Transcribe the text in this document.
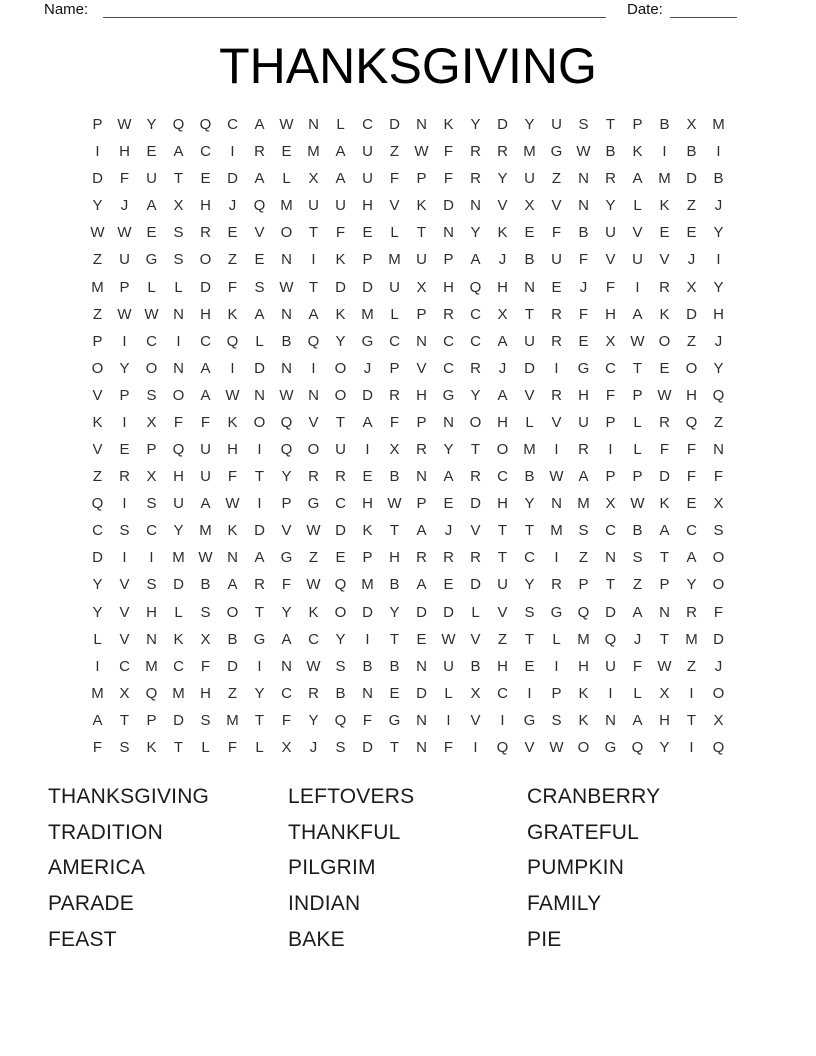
Name:	Date:
THANKSGIVING
P W Y	Q	Q	C	A W N	L	C	D	N	K	Y	D	Y	U	S	T	P	B	X	M
I	H	E	A	C	I	R	E	M	A	U	Z	W	F	R	R	M G W B	K	I	B	I
D	F	U	T	E	D	A	L	X	A	U	F	P	F	R	Y	U	Z	N	R	A	M	D	B
Y	J	A	X	H	J	Q M	U	U	H	V	K	D	N	V	X	V	N	Y	L	K	Z	J
W W E	S	R	E	V	O	T	F	E	L	T	N	Y	K	E	F	B	U	V	E	E	Y
Z	U	G	S	O	Z	E	N	I	K	P	M	U	P	A	J	B	U	F	V	U	V	J	I
M	P	L	L	D	F	S W	T	D	D	U	X	H	Q	H	N	E	J	F	I	R	X	Y
Z	W W N	H	K	A	N	A	K	M	L	P	R	C	X	T	R	F	H	A	K	D	H
P	I	C	I	C	Q	L	B	Q	Y	G	C	N	C	C	A	U	R	E	X W O	Z	J
O	Y	O	N	A	I	D	N	I	O	J	P	V	C	R	J	D	I	G	C	T	E	O	Y
V	P	S	O	A W N W N	O	D	R	H	G	Y	A	V	R	H	F	P W H	Q
K	I	X	F	F	K	O	Q	V	T	A	F	P	N	O	H	L	V	U	P	L	R	Q	Z
V	E	P	Q	U	H	I	Q	O	U	I	X	R	Y	T	O M	I	R	I	L	F	F	N
Z	R	X	H	U	F	T	Y	R	R	E	B	N	A	R	C	B W A	P	P	D	F	F
Q	I	S	U	A W	I	P	G	C	H W P	E	D	H	Y	N	M	X W K	E	X
C	S	C	Y	M	K	D	V W D	K	T	A	J	V	T	T	M	S	C	B	A	C	S
D	I	I	M W N	A	G	Z	E	P	H	R	R	R	T	C	I	Z	N	S	T	A	O
Y	V	S	D	B	A	R	F	W Q M	B	A	E	D	U	Y	R	P	T	Z	P	Y	O
Y	V	H	L	S	O	T	Y	K	O	D	Y	D	D	L	V	S	G	Q	D	A	N	R	F
L	V	N	K	X	B	G	A	C	Y	I	T	E W V	Z	T	L	M Q	J	T	M	D
I	C	M	C	F	D	I	N W S	B	B	N	U	B	H	E	I	H	U	F	W	Z	J
M	X	Q M	H	Z	Y	C	R	B	N	E	D	L	X	C	I	P	K	I	L	X	I	O
A	T	P	D	S	M	T	F	Y	Q	F	G	N	I	V	I	G	S	K	N	A	H	T	X
F	S	K	T	L	F	L	X	J	S	D	T	N	F	I	Q	V W O	G	Q	Y	I	Q
THANKSGIVING
TRADITION
AMERICA
PARADE
FEAST
LEFTOVERS
THANKFUL
PILGRIM
INDIAN
BAKE
CRANBERRY
GRATEFUL
PUMPKIN
FAMILY
PIE
